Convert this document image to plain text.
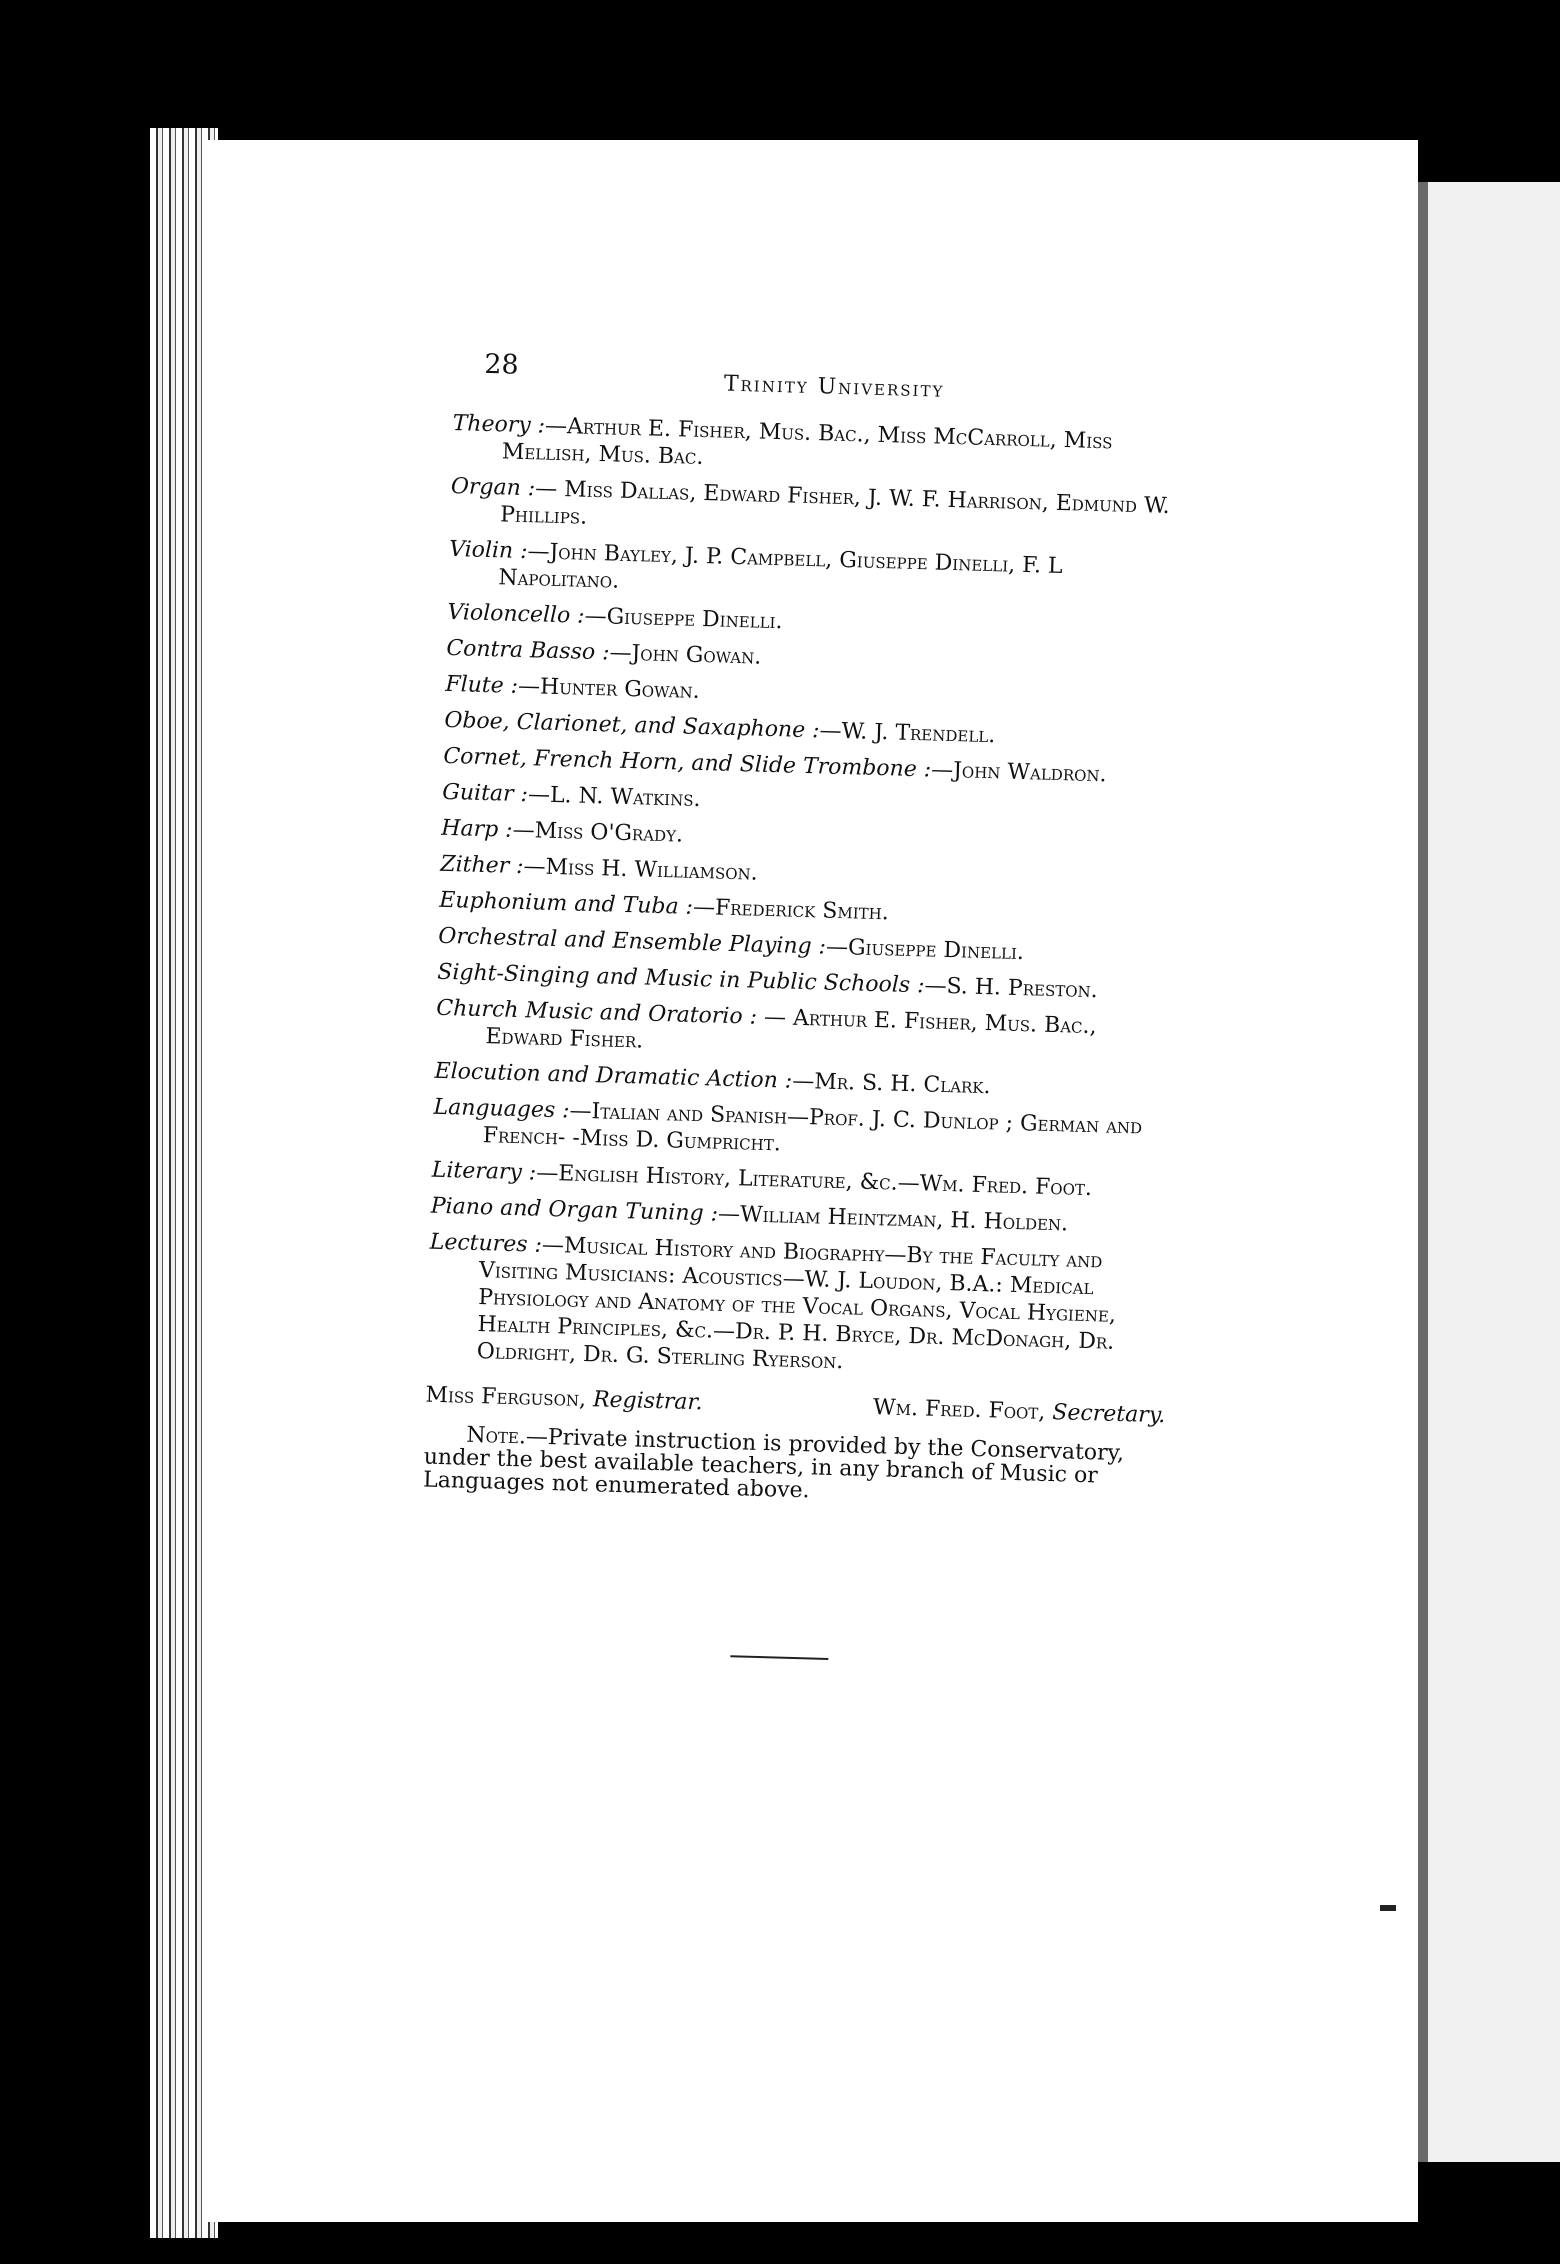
28
Trinity University

Theory :—Arthur E. Fisher, Mus. Bac., Miss McCarroll, Miss Mellish, Mus. Bac.

Organ :— Miss Dallas, Edward Fisher, J. W. F. Harrison, Edmund W. Phillips.

Violin :—John Bayley, J. P. Campbell, Giuseppe Dinelli, F. L Napolitano.

Violoncello :—Giuseppe Dinelli.

Contra Basso :—John Gowan.

Flute :—Hunter Gowan.

Oboe, Clarionet, and Saxaphone :—W. J. Trendell.

Cornet, French Horn, and Slide Trombone :—John Waldron.

Guitar :—L. N. Watkins.

Harp :—Miss O'Grady.

Zither :—Miss H. Williamson.

Euphonium and Tuba :—Frederick Smith.

Orchestral and Ensemble Playing :—Giuseppe Dinelli.

Sight-Singing and Music in Public Schools :—S. H. Preston.

Church Music and Oratorio : — Arthur E. Fisher, Mus. Bac., Edward Fisher.

Elocution and Dramatic Action :—Mr. S. H. Clark.

Languages :—Italian and Spanish—Prof. J. C. Dunlop ; German and French- -Miss D. Gumpricht.

Literary :—English History, Literature, &c.—Wm. Fred. Foot.

Piano and Organ Tuning :—William Heintzman, H. Holden.

Lectures :—Musical History and Biography—By the Faculty and Visiting Musicians: Acoustics—W. J. Loudon, B.A.: Medical Physiology and Anatomy of the Vocal Organs, Vocal Hygiene, Health Principles, &c.—Dr. P. H. Bryce, Dr. McDonagh, Dr. Oldright, Dr. G. Sterling Ryerson.

Miss Ferguson, Registrar.	Wm. Fred. Foot, Secretary.

Note.—Private instruction is provided by the Conservatory, under the best available teachers, in any branch of Music or Languages not enumerated above.
